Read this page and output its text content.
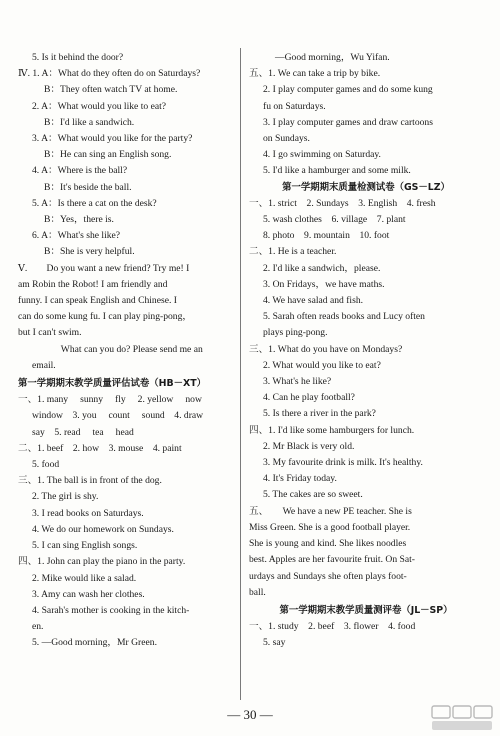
5. Is it behind the door?
Ⅳ. 1. A：What do they often do on Saturdays?
B：They often watch TV at home.
2. A：What would you like to eat?
B：I'd like a sandwich.
3. A：What would you like for the party?
B：He can sing an English song.
4. A：Where is the ball?
B：It's beside the ball.
5. A：Is there a cat on the desk?
B：Yes，there is.
6. A：What's she like?
B：She is very helpful.
Ⅴ.　　Do you want a new friend? Try me! I
am Robin the Robot! I am friendly and
funny. I can speak English and Chinese. I
can do some kung fu. I can play ping-pong，
but I can't swim.
　　　What can you do? Please send me an
email.
第一学期期末教学质量评估试卷（HB－XT）
一、1. many　 sunny　 fly　 2. yellow　 now
window　3. you　 count　 sound　4. draw
say　5. read　 tea　 head
二、1. beef　2. how　3. mouse　4. paint
5. food
三、1. The ball is in front of the dog.
2. The girl is shy.
3. I read books on Saturdays.
4. We do our homework on Sundays.
5. I can sing English songs.
四、1. John can play the piano in the party.
2. Mike would like a salad.
3. Amy can wash her clothes.
4. Sarah's mother is cooking in the kitch-
en.
5. —Good morning，Mr Green.
—Good morning，Wu Yifan.
五、1. We can take a trip by bike.
2. I play computer games and do some kung
fu on Saturdays.
3. I play computer games and draw cartoons
on Sundays.
4. I go swimming on Saturday.
5. I'd like a hamburger and some milk.
第一学期期末质量检测试卷（GS－LZ）
一、1. strict　2. Sundays　3. English　4. fresh
5. wash clothes　6. village　7. plant
8. photo　9. mountain　10. foot
二、1. He is a teacher.
2. I'd like a sandwich，please.
3. On Fridays，we have maths.
4. We have salad and fish.
5. Sarah often reads books and Lucy often
plays ping-pong.
三、1. What do you have on Mondays?
2. What would you like to eat?
3. What's he like?
4. Can he play football?
5. Is there a river in the park?
四、1. I'd like some hamburgers for lunch.
2. Mr Black is very old.
3. My favourite drink is milk. It's healthy.
4. It's Friday today.
5. The cakes are so sweet.
五、　　We have a new PE teacher. She is
Miss Green. She is a good football player.
She is young and kind. She likes noodles
best. Apples are her favourite fruit. On Sat-
urdays and Sundays she often plays foot-
ball.
第一学期期末教学质量测评卷（JL－SP）
一、1. study　2. beef　3. flower　4. food
5. say
— 30 —
